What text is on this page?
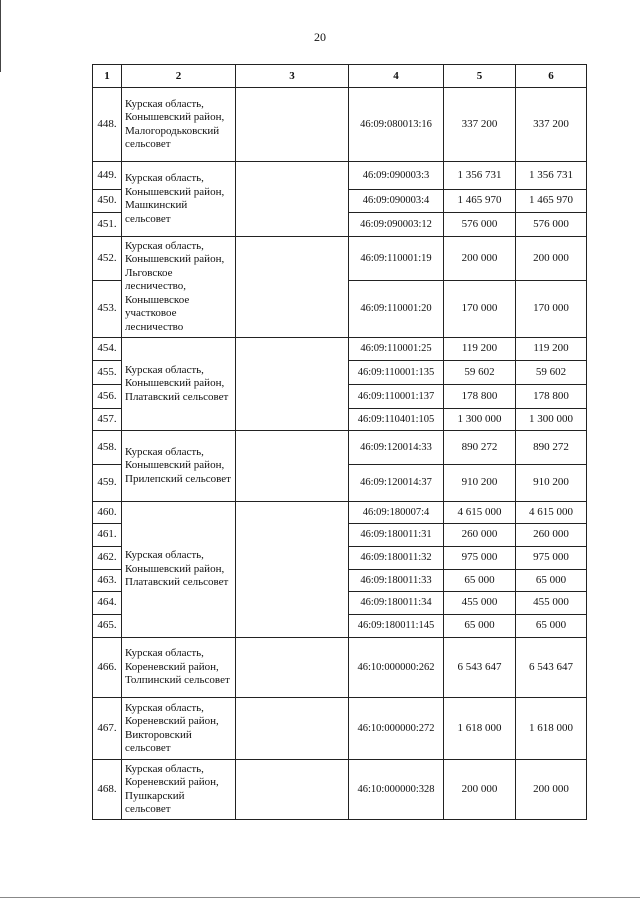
20
1	2	3	4	5	6
448.	Курская область, Конышевский район, Малогородьковский сельсовет		46:09:080013:16	337 200	337 200
449.	Курская область, Конышевский район, Машкинский сельсовет		46:09:090003:3	1 356 731	1 356 731
450.			46:09:090003:4	1 465 970	1 465 970
451.			46:09:090003:12	576 000	576 000
452.	Курская область, Конышевский район, Льговское лесничество, Конышевское участковое лесничество		46:09:110001:19	200 000	200 000
453.			46:09:110001:20	170 000	170 000
454.	Курская область, Конышевский район, Платавский сельсовет		46:09:110001:25	119 200	119 200
455.			46:09:110001:135	59 602	59 602
456.			46:09:110001:137	178 800	178 800
457.			46:09:110401:105	1 300 000	1 300 000
458.	Курская область, Конышевский район, Прилепский сельсовет		46:09:120014:33	890 272	890 272
459.			46:09:120014:37	910 200	910 200
460.	Курская область, Конышевский район, Платавский сельсовет		46:09:180007:4	4 615 000	4 615 000
461.			46:09:180011:31	260 000	260 000
462.			46:09:180011:32	975 000	975 000
463.			46:09:180011:33	65 000	65 000
464.			46:09:180011:34	455 000	455 000
465.			46:09:180011:145	65 000	65 000
466.	Курская область, Кореневский район, Толпинский сельсовет		46:10:000000:262	6 543 647	6 543 647
467.	Курская область, Кореневский район, Викторовский сельсовет		46:10:000000:272	1 618 000	1 618 000
468.	Курская область, Кореневский район, Пушкарский сельсовет		46:10:000000:328	200 000	200 000
